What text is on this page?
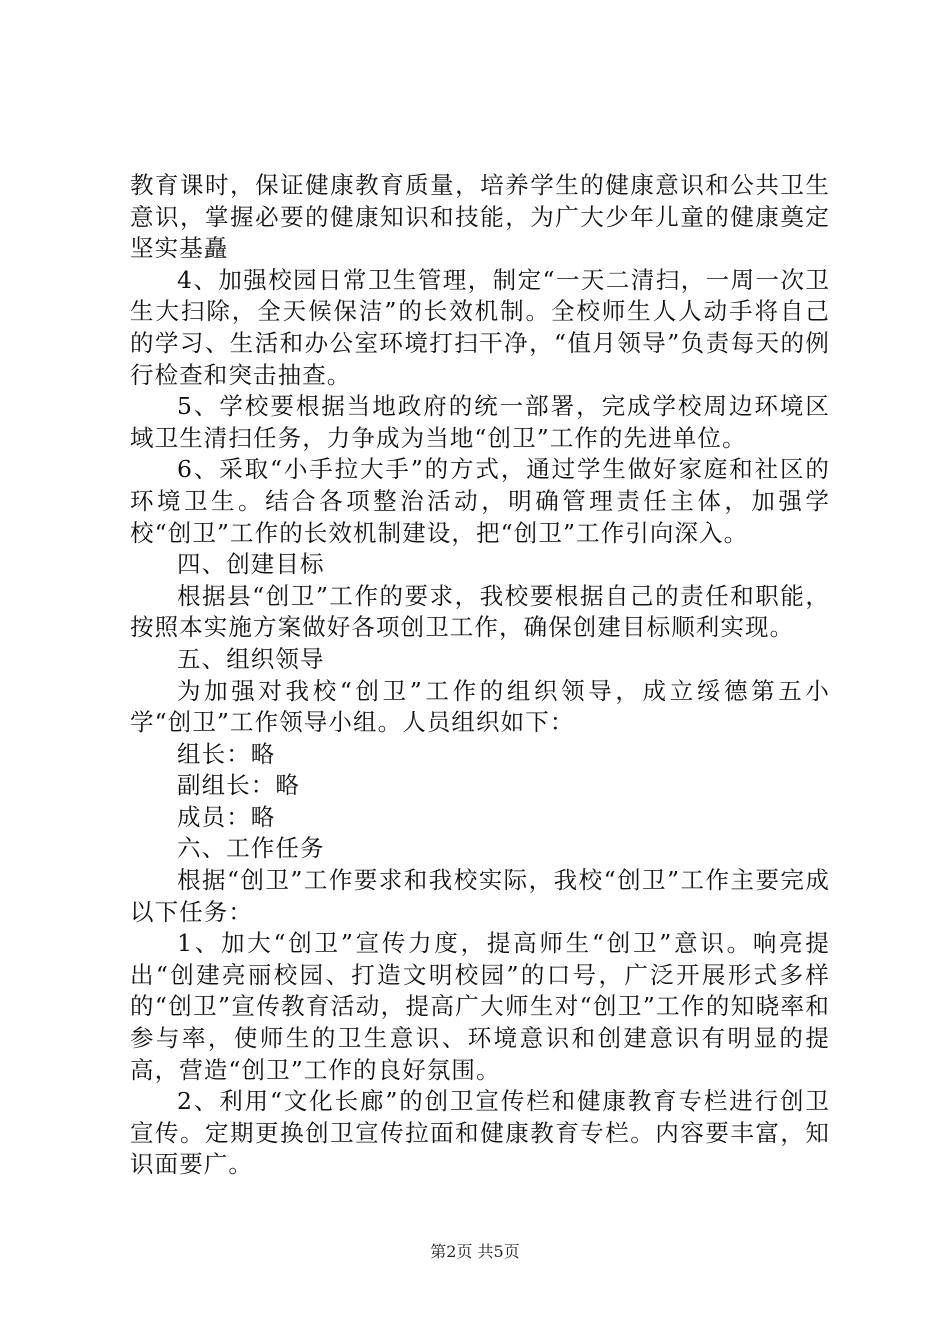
教育课时，保证健康教育质量，培养学生的健康意识和公共卫生意识，掌握必要的健康知识和技能，为广大少年儿童的健康奠定坚实基矗

4、加强校园日常卫生管理，制定“一天二清扫，一周一次卫生大扫除，全天候保洁”的长效机制。全校师生人人动手将自己的学习、生活和办公室环境打扫干净，“值月领导”负责每天的例行检查和突击抽查。

5、学校要根据当地政府的统一部署，完成学校周边环境区域卫生清扫任务，力争成为当地“创卫”工作的先进单位。

6、采取“小手拉大手”的方式，通过学生做好家庭和社区的环境卫生。结合各项整治活动，明确管理责任主体，加强学校“创卫”工作的长效机制建设，把“创卫”工作引向深入。

四、创建目标

根据县“创卫”工作的要求，我校要根据自己的责任和职能，按照本实施方案做好各项创卫工作，确保创建目标顺利实现。

五、组织领导

为加强对我校“创卫”工作的组织领导，成立绥德第五小学“创卫”工作领导小组。人员组织如下：

组长：略

副组长：略

成员：略

六、工作任务

根据“创卫”工作要求和我校实际，我校“创卫”工作主要完成以下任务：

1、加大“创卫”宣传力度，提高师生“创卫”意识。响亮提出“创建亮丽校园、打造文明校园”的口号，广泛开展形式多样的“创卫”宣传教育活动，提高广大师生对“创卫”工作的知晓率和参与率，使师生的卫生意识、环境意识和创建意识有明显的提高，营造“创卫”工作的良好氛围。

2、利用“文化长廊”的创卫宣传栏和健康教育专栏进行创卫宣传。定期更换创卫宣传拉面和健康教育专栏。内容要丰富，知识面要广。

第2页 共5页
